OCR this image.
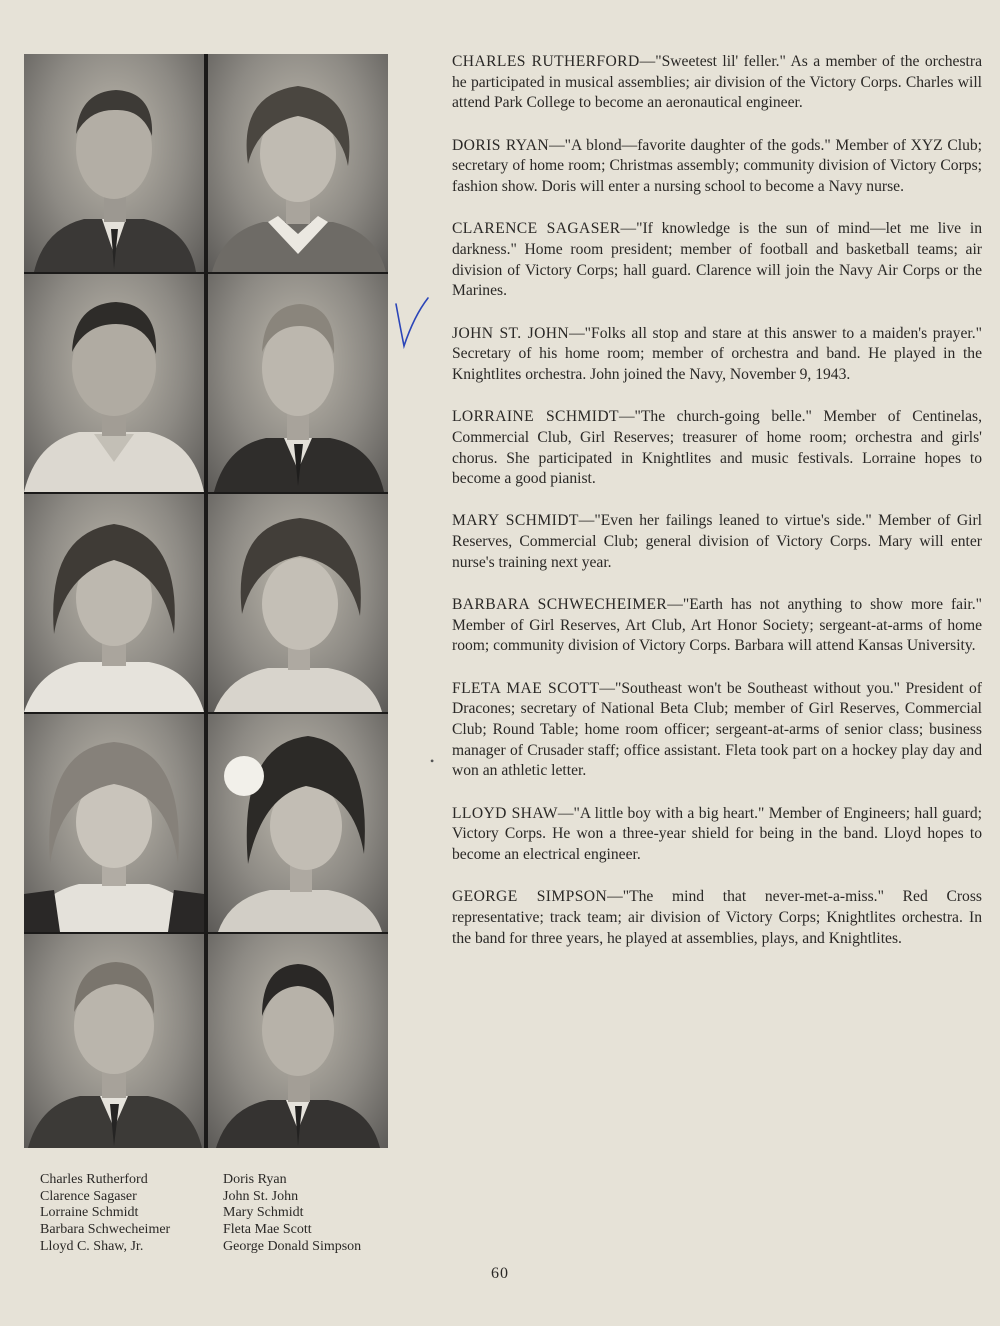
Charles Rutherford
Clarence Sagaser
Lorraine Schmidt
Barbara Schwecheimer
Lloyd C. Shaw, Jr.
Doris Ryan
John St. John
Mary Schmidt
Fleta Mae Scott
George Donald Simpson
•

CHARLES RUTHERFORD—"Sweetest lil' feller." As a member of the orchestra he participated in musical assemblies; air division of the Victory Corps. Charles will attend Park College to become an aeronautical engineer.

DORIS RYAN—"A blond—favorite daughter of the gods." Member of XYZ Club; secretary of home room; Christmas assembly; community division of Victory Corps; fashion show. Doris will enter a nursing school to become a Navy nurse.

CLARENCE SAGASER—"If knowledge is the sun of mind—let me live in darkness." Home room president; member of football and basketball teams; air division of Victory Corps; hall guard. Clarence will join the Navy Air Corps or the Marines.

JOHN ST. JOHN—"Folks all stop and stare at this answer to a maiden's prayer." Secretary of his home room; member of orchestra and band. He played in the Knightlites orchestra. John joined the Navy, November 9, 1943.

LORRAINE SCHMIDT—"The church-going belle." Member of Centinelas, Commercial Club, Girl Reserves; treasurer of home room; orchestra and girls' chorus. She participated in Knightlites and music festivals. Lorraine hopes to become a good pianist.

MARY SCHMIDT—"Even her failings leaned to virtue's side." Member of Girl Reserves, Commercial Club; general division of Victory Corps. Mary will enter nurse's training next year.

BARBARA SCHWECHEIMER—"Earth has not anything to show more fair." Member of Girl Reserves, Art Club, Art Honor Society; sergeant-at-arms of home room; community division of Victory Corps. Barbara will attend Kansas University.

FLETA MAE SCOTT—"Southeast won't be Southeast without you." President of Dracones; secretary of National Beta Club; member of Girl Reserves, Commercial Club; Round Table; home room officer; sergeant-at-arms of senior class; business manager of Crusader staff; office assistant. Fleta took part on a hockey play day and won an athletic letter.

LLOYD SHAW—"A little boy with a big heart." Member of Engineers; hall guard; Victory Corps. He won a three-year shield for being in the band. Lloyd hopes to become an electrical engineer.

GEORGE SIMPSON—"The mind that never-met-a-miss." Red Cross representative; track team; air division of Victory Corps; Knightlites orchestra. In the band for three years, he played at assemblies, plays, and Knightlites.

60
